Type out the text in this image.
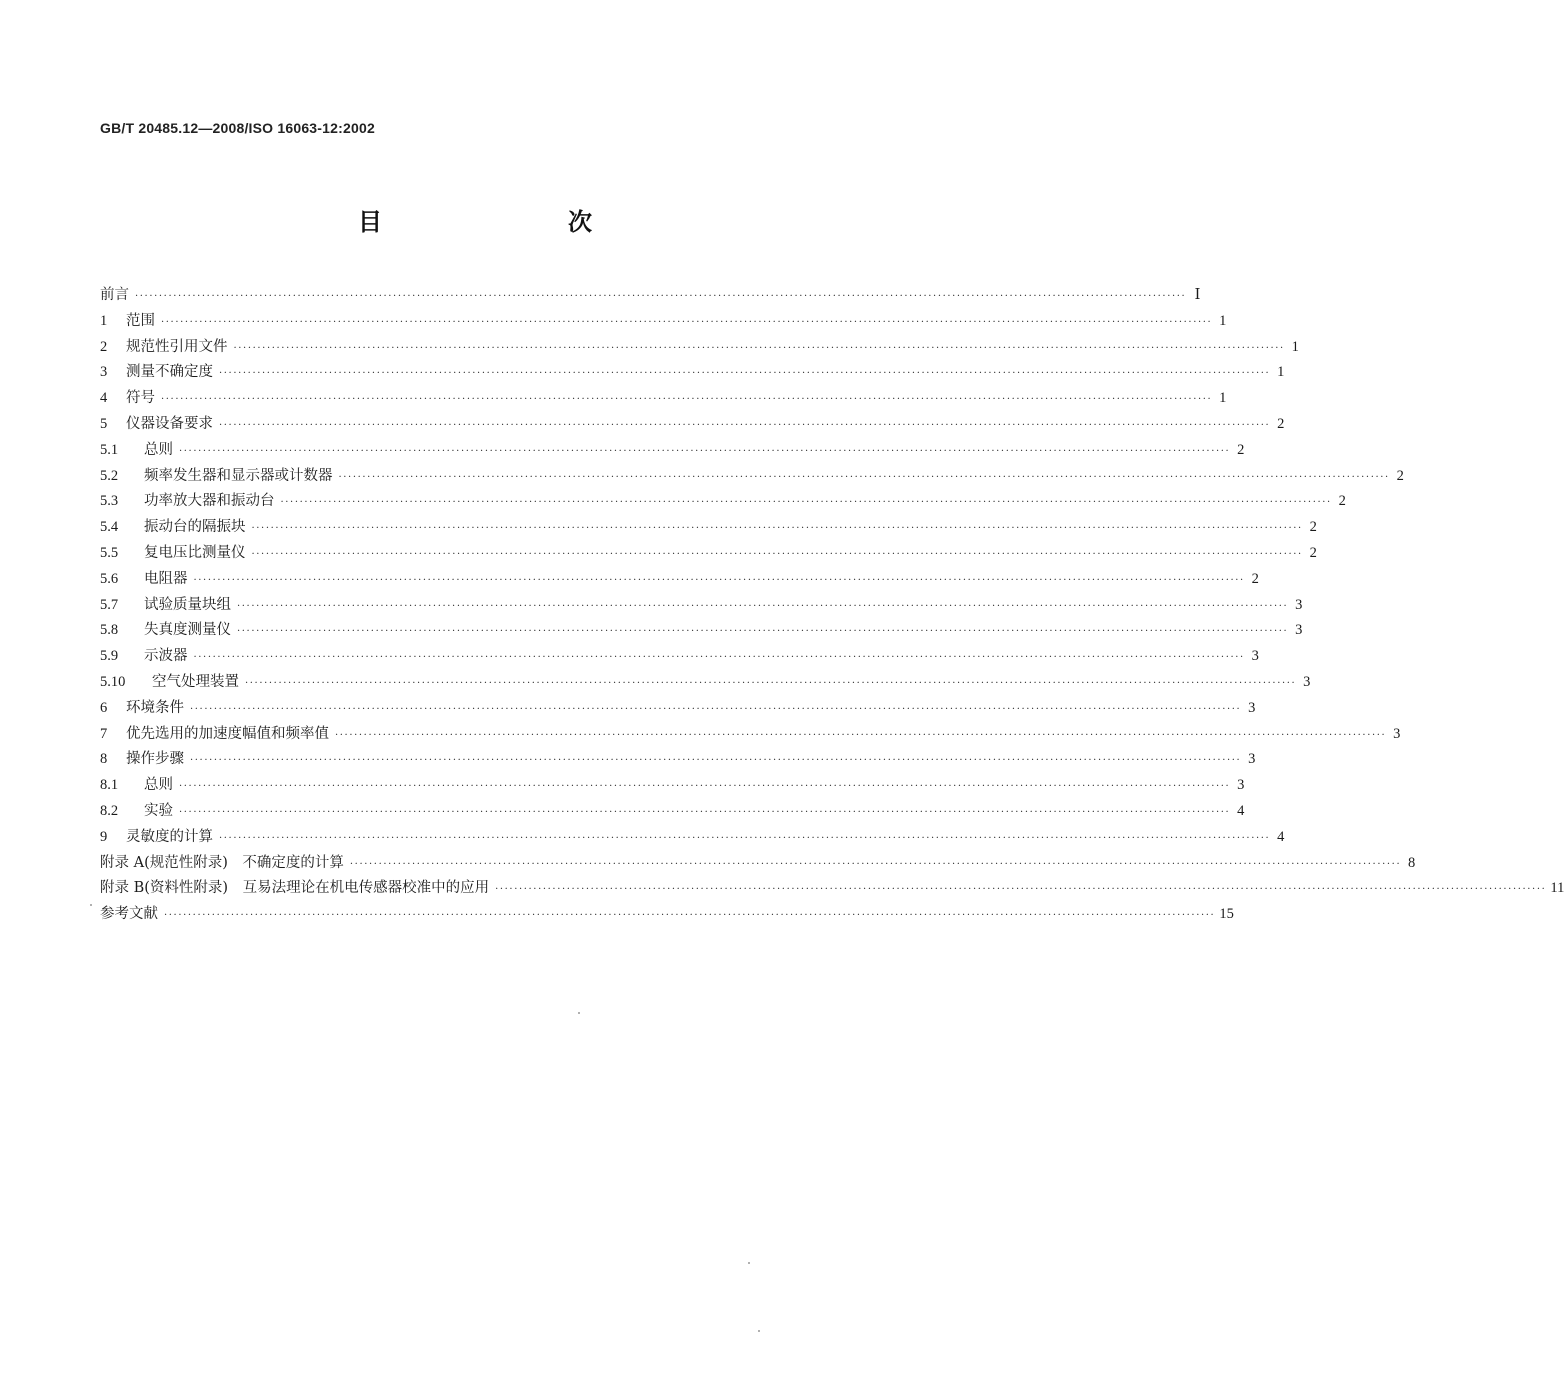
GB/T 20485.12—2008/ISO 16063-12:2002
目　　次
前言 ···························································································································································································································· Ⅰ
1	范围 ···························································································································································································································· 1
2	规范性引用文件 ···························································································································································································································· 1
3	测量不确定度 ···························································································································································································································· 1
4	符号 ···························································································································································································································· 1
5	仪器设备要求 ···························································································································································································································· 2
5.1	总则 ···························································································································································································································· 2
5.2	频率发生器和显示器或计数器 ···························································································································································································································· 2
5.3	功率放大器和振动台 ···························································································································································································································· 2
5.4	振动台的隔振块 ···························································································································································································································· 2
5.5	复电压比测量仪 ···························································································································································································································· 2
5.6	电阻器 ···························································································································································································································· 2
5.7	试验质量块组 ···························································································································································································································· 3
5.8	失真度测量仪 ···························································································································································································································· 3
5.9	示波器 ···························································································································································································································· 3
5.10	空气处理装置 ···························································································································································································································· 3
6	环境条件 ···························································································································································································································· 3
7	优先选用的加速度幅值和频率值 ···························································································································································································································· 3
8	操作步骤 ···························································································································································································································· 3
8.1	总则 ···························································································································································································································· 3
8.2	实验 ···························································································································································································································· 4
9	灵敏度的计算 ···························································································································································································································· 4
附录 A(规范性附录)　不确定度的计算 ···························································································································································································································· 8
附录 B(资料性附录)　互易法理论在机电传感器校准中的应用 ···························································································································································································································· 11
参考文献 ···························································································································································································································· 15
